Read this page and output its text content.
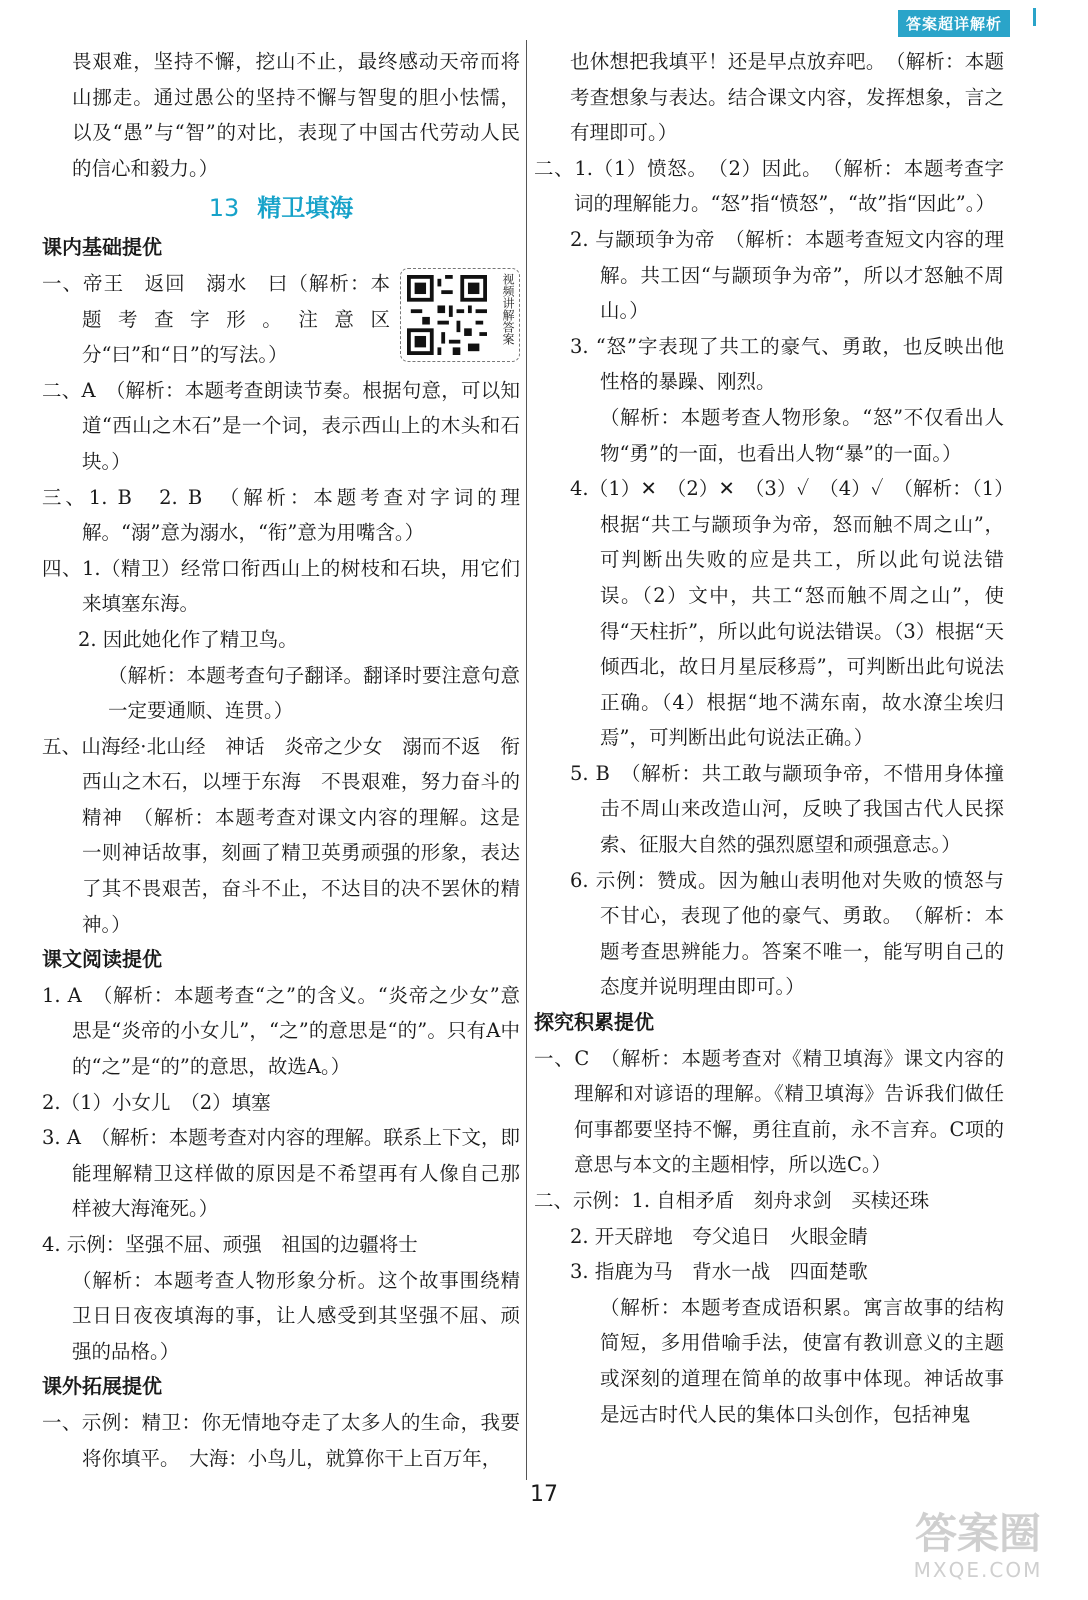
答案超详解析

畏艰难，坚持不懈，挖山不止，最终感动天帝而将山挪走。通过愚公的坚持不懈与智叟的胆小怯懦，以及“愚”与“智”的对比，表现了中国古代劳动人民的信心和毅力。）

13 精卫填海

课内基础提优

视频讲解答案

一、帝王　返回　溺水　曰（解析：本题考查字形。注意区分“曰”和“日”的写法。）

二、A　（解析：本题考查朗读节奏。根据句意，可以知道“西山之木石”是一个词，表示西山上的木头和石块。）

三、1. B　2. B　（解析：本题考查对字词的理解。“溺”意为溺水，“衔”意为用嘴含。）

四、1.（精卫）经常口衔西山上的树枝和石块，用它们来填塞东海。

2. 因此她化作了精卫鸟。

（解析：本题考查句子翻译。翻译时要注意句意一定要通顺、连贯。）

五、山海经·北山经　神话　炎帝之少女　溺而不返　衔西山之木石，以堙于东海　不畏艰难，努力奋斗的精神　（解析：本题考查对课文内容的理解。这是一则神话故事，刻画了精卫英勇顽强的形象，表达了其不畏艰苦，奋斗不止，不达目的决不罢休的精神。）

课文阅读提优

1. A　（解析：本题考查“之”的含义。“炎帝之少女”意思是“炎帝的小女儿”，“之”的意思是“的”。只有A中的“之”是“的”的意思，故选A。）

2.（1）小女儿　（2）填塞

3. A　（解析：本题考查对内容的理解。联系上下文，即能理解精卫这样做的原因是不希望再有人像自己那样被大海淹死。）

4. 示例：坚强不屈、顽强　祖国的边疆将士

（解析：本题考查人物形象分析。这个故事围绕精卫日日夜夜填海的事，让人感受到其坚强不屈、顽强的品格。）

课外拓展提优

一、示例：精卫：你无情地夺走了太多人的生命，我要将你填平。　大海：小鸟儿，就算你干上百万年，

也休想把我填平！还是早点放弃吧。　（解析：本题考查想象与表达。结合课文内容，发挥想象，言之有理即可。）

二、1.（1）愤怒。　（2）因此。　（解析：本题考查字词的理解能力。“怒”指“愤怒”，“故”指“因此”。）

2. 与颛顼争为帝　（解析：本题考查短文内容的理解。共工因“与颛顼争为帝”，所以才怒触不周山。）

3. “怒”字表现了共工的豪气、勇敢，也反映出他性格的暴躁、刚烈。

（解析：本题考查人物形象。“怒”不仅看出人物“勇”的一面，也看出人物“暴”的一面。）

4.（1）✕　（2）✕　（3）✓　（4）✓　（解析：（1）根据“共工与颛顼争为帝，怒而触不周之山”，可判断出失败的应是共工，所以此句说法错误。（2）文中，共工“怒而触不周之山”，使得“天柱折”，所以此句说法错误。（3）根据“天倾西北，故日月星辰移焉”，可判断出此句说法正确。（4）根据“地不满东南，故水潦尘埃归焉”，可判断出此句说法正确。）

5. B　（解析：共工敢与颛顼争帝，不惜用身体撞击不周山来改造山河，反映了我国古代人民探索、征服大自然的强烈愿望和顽强意志。）

6. 示例：赞成。因为触山表明他对失败的愤怒与不甘心，表现了他的豪气、勇敢。　（解析：本题考查思辨能力。答案不唯一，能写明自己的态度并说明理由即可。）

探究积累提优

一、C　（解析：本题考查对《精卫填海》课文内容的理解和对谚语的理解。《精卫填海》告诉我们做任何事都要坚持不懈，勇往直前，永不言弃。C项的意思与本文的主题相悖，所以选C。）

二、示例：1. 自相矛盾　刻舟求剑　买椟还珠

2. 开天辟地　夸父追日　火眼金睛

3. 指鹿为马　背水一战　四面楚歌

（解析：本题考查成语积累。寓言故事的结构简短，多用借喻手法，使富有教训意义的主题或深刻的道理在简单的故事中体现。神话故事是远古时代人民的集体口头创作，包括神鬼

17
答案圈
MXQE.COM
